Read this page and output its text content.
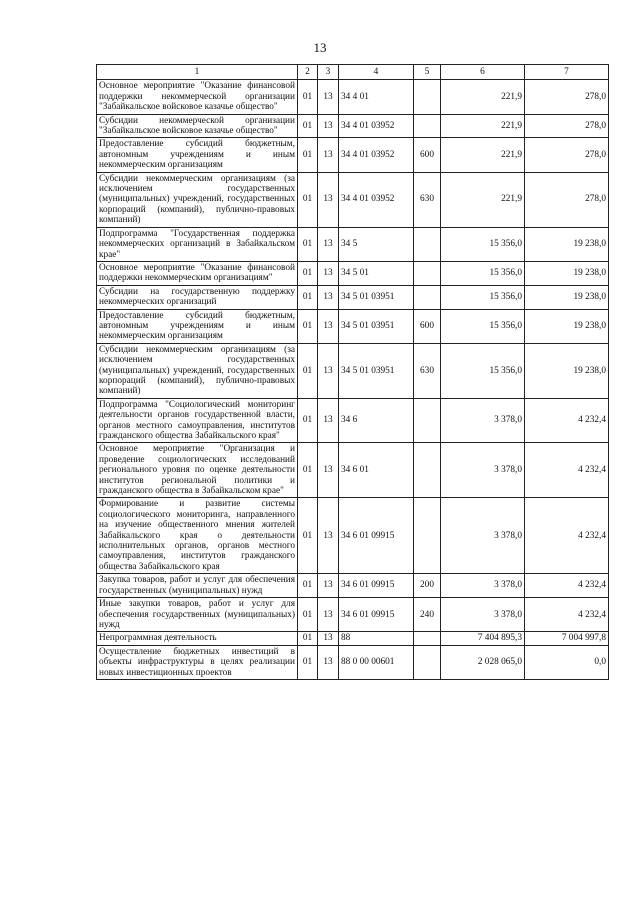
13
1	2	3	4	5	6	7
Основное мероприятие "Оказание финансовой поддержки некоммерческой организации "Забайкальское войсковое казачье общество"	01	13	34 4 01		221,9	278,0
Субсидии некоммерческой организации "Забайкальское войсковое казачье общество"	01	13	34 4 01 03952		221,9	278,0
Предоставление субсидий бюджетным, автономным учреждениям и иным некоммерческим организациям	01	13	34 4 01 03952	600	221,9	278,0
Субсидии некоммерческим организациям (за исключением государственных (муниципальных) учреждений, государственных корпораций (компаний), публично-правовых компаний)	01	13	34 4 01 03952	630	221,9	278,0
Подпрограмма "Государственная поддержка некоммерческих организаций в Забайкальском крае"	01	13	34 5		15 356,0	19 238,0
Основное мероприятие "Оказание финансовой поддержки некоммерческим организациям"	01	13	34 5 01		15 356,0	19 238,0
Субсидии на государственную поддержку некоммерческих организаций	01	13	34 5 01 03951		15 356,0	19 238,0
Предоставление субсидий бюджетным, автономным учреждениям и иным некоммерческим организациям	01	13	34 5 01 03951	600	15 356,0	19 238,0
Субсидии некоммерческим организациям (за исключением государственных (муниципальных) учреждений, государственных корпораций (компаний), публично-правовых компаний)	01	13	34 5 01 03951	630	15 356,0	19 238,0
Подпрограмма "Социологический мониторинг деятельности органов государственной власти, органов местного самоуправления, институтов гражданского общества Забайкальского края"	01	13	34 6		3 378,0	4 232,4
Основное мероприятие "Организация и проведение социологических исследований регионального уровня по оценке деятельности институтов региональной политики и гражданского общества в Забайкальском крае"	01	13	34 6 01		3 378,0	4 232,4
Формирование и развитие системы социологического мониторинга, направленного на изучение общественного мнения жителей Забайкальского края о деятельности исполнительных органов, органов местного самоуправления, институтов гражданского общества Забайкальского края	01	13	34 6 01 09915		3 378,0	4 232,4
Закупка товаров, работ и услуг для обеспечения государственных (муниципальных) нужд	01	13	34 6 01 09915	200	3 378,0	4 232,4
Иные закупки товаров, работ и услуг для обеспечения государственных (муниципальных) нужд	01	13	34 6 01 09915	240	3 378,0	4 232,4
Непрограммная деятельность	01	13	88		7 404 895,3	7 004 997,8
Осуществление бюджетных инвестиций в объекты инфраструктуры в целях реализации новых инвестиционных проектов	01	13	88 0 00 00601		2 028 065,0	0,0
